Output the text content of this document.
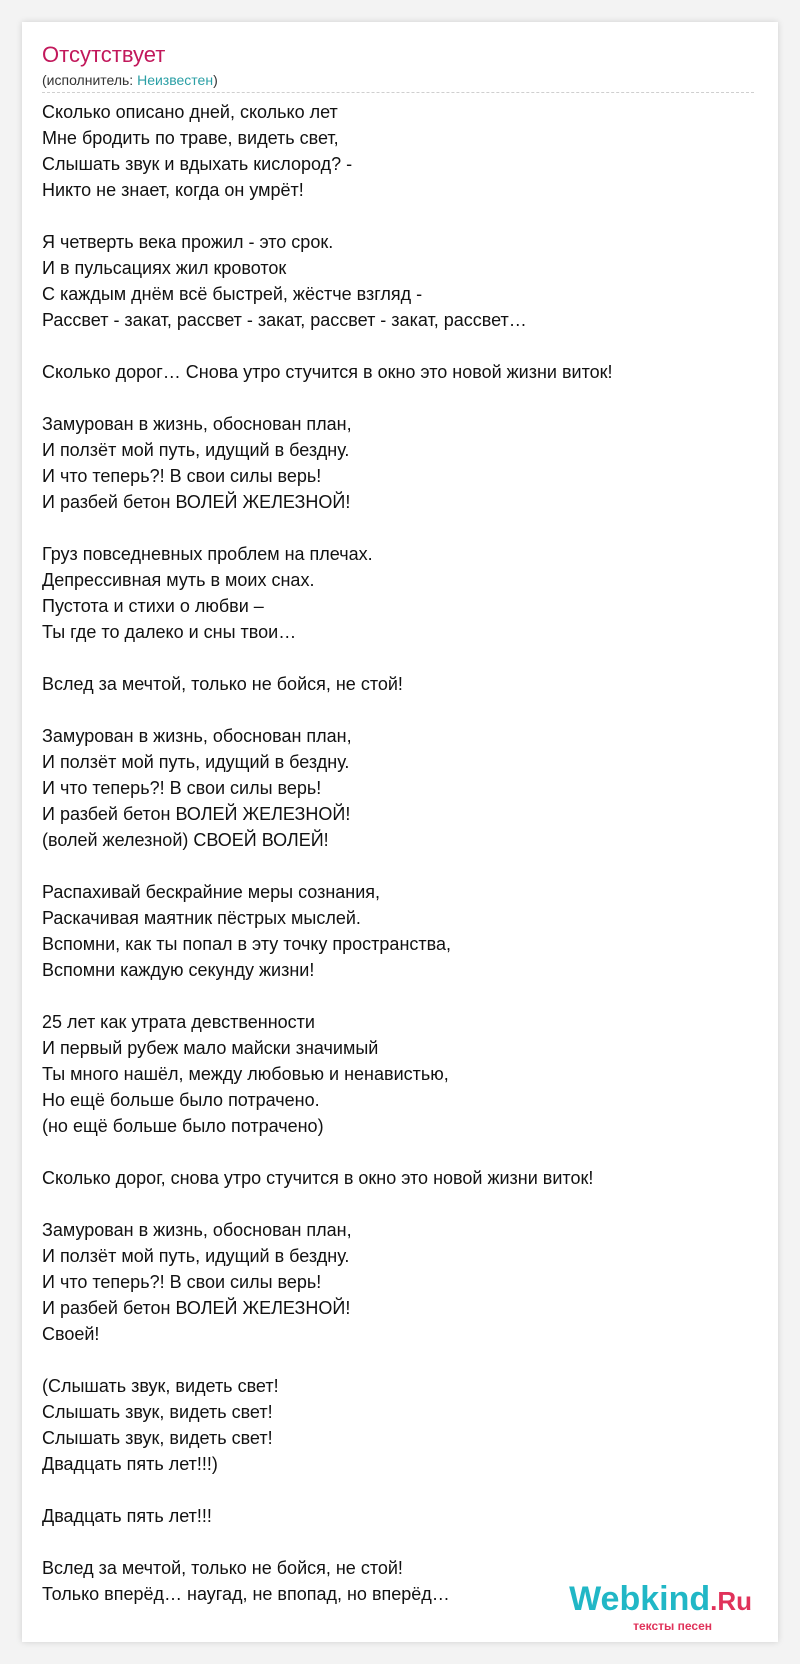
Отсутствует
(исполнитель: Неизвестен)
Сколько описано дней, сколько лет
Мне бродить по траве, видеть свет,
Слышать звук и вдыхать кислород? -
Никто не знает, когда он умрёт!
Я четверть века прожил - это срок.
И в пульсациях жил кровоток
С каждым днём всё быстрей, жёстче взгляд -
Рассвет - закат, рассвет - закат, рассвет - закат, рассвет…
Сколько дорог… Снова утро стучится в окно это новой жизни виток!
Замурован в жизнь, обоснован план,
И ползёт мой путь, идущий в бездну.
И что теперь?! В свои силы верь!
И разбей бетон ВОЛЕЙ ЖЕЛЕЗНОЙ!
Груз повседневных проблем на плечах.
Депрессивная муть в моих снах.
Пустота и стихи о любви –
Ты где то далеко и сны твои…
Вслед за мечтой, только не бойся, не стой!
Замурован в жизнь, обоснован план,
И ползёт мой путь, идущий в бездну.
И что теперь?! В свои силы верь!
И разбей бетон ВОЛЕЙ ЖЕЛЕЗНОЙ!
(волей железной) СВОЕЙ ВОЛЕЙ!
Распахивай бескрайние меры сознания,
Раскачивая маятник пёстрых мыслей.
Вспомни, как ты попал в эту точку пространства,
Вспомни каждую секунду жизни!
25 лет как утрата девственности
И первый рубеж мало майски значимый
Ты много нашёл, между любовью и ненавистью,
Но ещё больше было потрачено.
(но ещё больше было потрачено)
Сколько дорог, снова утро стучится в окно это новой жизни виток!
Замурован в жизнь, обоснован план,
И ползёт мой путь, идущий в бездну.
И что теперь?! В свои силы верь!
И разбей бетон ВОЛЕЙ ЖЕЛЕЗНОЙ!
Своей!
(Слышать звук, видеть свет!
Слышать звук, видеть свет!
Слышать звук, видеть свет!
Двадцать пять лет!!!)
Двадцать пять лет!!!
Вслед за мечтой, только не бойся, не стой!
Только вперёд… наугад, не впопад, но вперёд…	Webkind.Ru
тексты песен
